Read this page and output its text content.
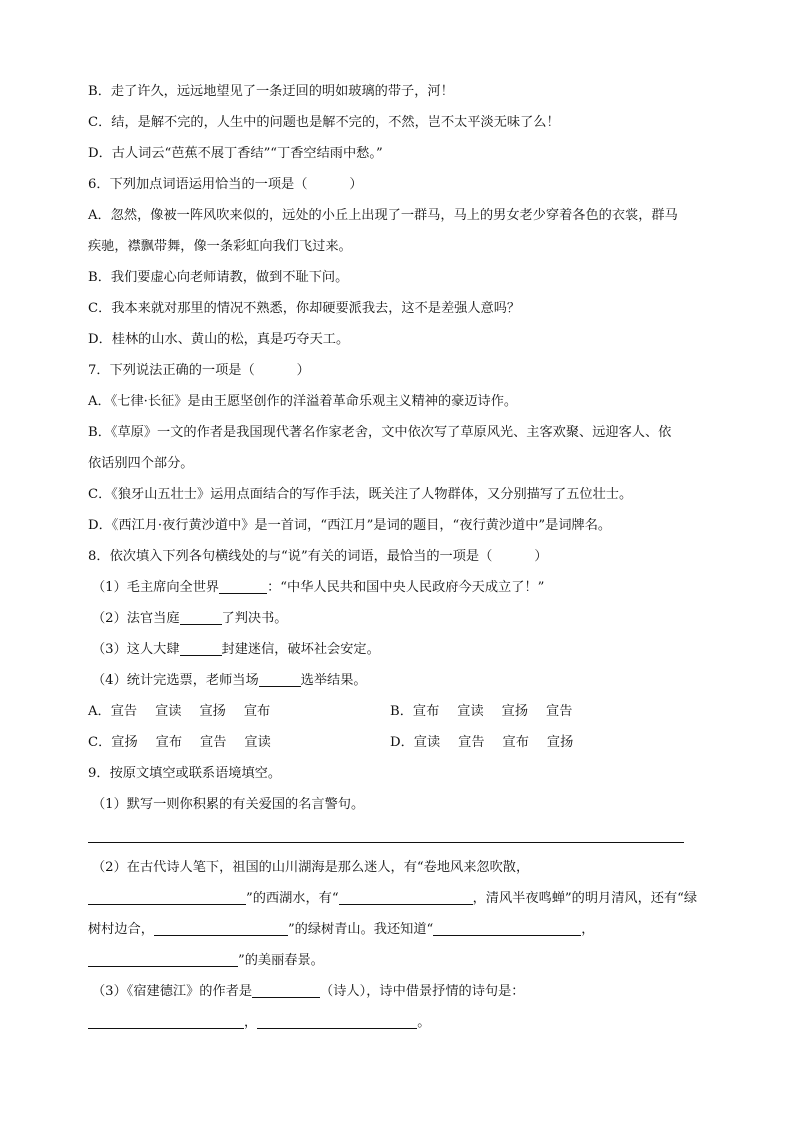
B．走了许久，远远地望见了一条迂回的明如玻璃的带子，河！
C．结，是解不完的，人生中的问题也是解不完的，不然，岂不太平淡无味了么！
D．古人词云“芭蕉不展丁香结”“丁香空结雨中愁。”
6．下列加点词语运用恰当的一项是（	）
A．忽然，像被一阵风吹来似的，远处的小丘上出现了一群马，马上的男女老少穿着各色的衣裳，群马
疾驰，襟飘带舞，像一条彩虹向我们飞过来。
B．我们要虚心向老师请教，做到不耻下问。
C．我本来就对那里的情况不熟悉，你却硬要派我去，这不是差强人意吗？
D．桂林的山水、黄山的松，真是巧夺天工。
7．下列说法正确的一项是（	）
A．《七律·长征》是由王愿坚创作的洋溢着革命乐观主义精神的豪迈诗作。
B．《草原》一文的作者是我国现代著名作家老舍，文中依次写了草原风光、主客欢聚、远迎客人、依
依话别四个部分。
C．《狼牙山五壮士》运用点面结合的写作手法，既关注了人物群体，又分别描写了五位壮士。
D．《西江月·夜行黄沙道中》是一首词，“西江月”是词的题目，“夜行黄沙道中”是词牌名。
8．依次填入下列各句横线处的与“说”有关的词语，最恰当的一项是（	）
（1）毛主席向全世界	：“中华人民共和国中央人民政府今天成立了！”
（2）法官当庭	了判决书。
（3）这人大肆	封建迷信，破坏社会安定。
（4）统计完选票，老师当场	选举结果。
A．宣告 宣读 宣扬 宣布	B．宣布 宣读 宣扬 宣告
C．宣扬 宣布 宣告 宣读	D．宣读 宣告 宣布 宣扬
9．按原文填空或联系语境填空。
（1）默写一则你积累的有关爱国的名言警句。
（2）在古代诗人笔下，祖国的山川湖海是那么迷人，有“卷地风来忽吹散，
”的西湖水，有“	，清风半夜鸣蝉”的明月清风，还有“绿
树村边合，	”的绿树青山。我还知道“	，
”的美丽春景。
（3）《宿建德江》的作者是	（诗人），诗中借景抒情的诗句是：
，	。
